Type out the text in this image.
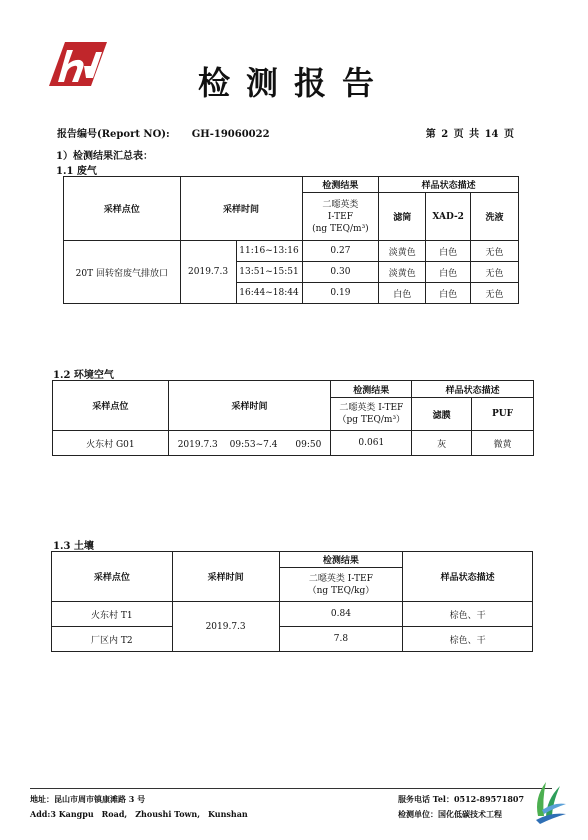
检测报告
报告编号(Report NO): GH-19060022	第 2 页 共 14 页
1）检测结果汇总表：
1.1 废气
采样点位	采样时间		检测结果	样品状态描述		

			二噁英类
I-TEF
(ng TEQ/m³)	滤筒	XAD-2	洗液
20T 回转窑废气排放口	2019.7.3	11:16~13:16	0.27	淡黄色	白色	无色
		13:51~15:51	0.30	淡黄色	白色	无色
		16:44~18:44	0.19	白色	白色	无色
1.2 环境空气
采样点位	采样时间	检测结果	样品状态描述	

		二噁英类 I-TEF
（pg TEQ/m³）	滤膜	PUF
火东村 G01	2019.7.3　 09:53~7.4　　09:50	0.061	灰	微黄
1.3 土壤
采样点位	采样时间	检测结果	样品状态描述

		二噁英类 I-TEF
（ng TEQ/kg）	

火东村 T1	2019.7.3	0.84	棕色、干
厂区内 T2		7.8	棕色、干
地址：昆山市周市镇康滩路 3 号
Add:3 Kangpu　Road,　Zhoushi Town,　Kunshan
服务电话 Tel：0512-89571807
检测单位：国化低碳技术工程
